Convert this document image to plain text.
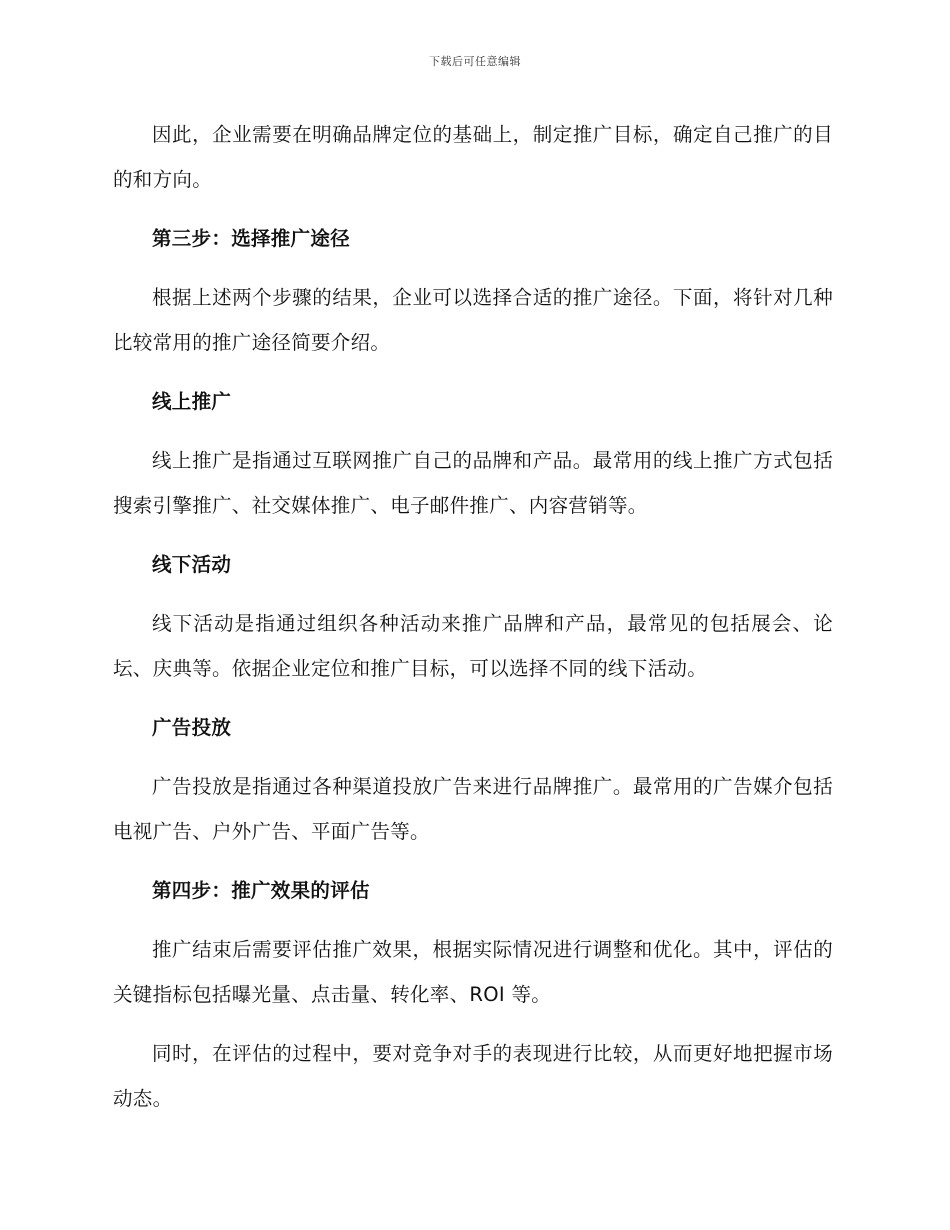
下载后可任意编辑

因此，企业需要在明确品牌定位的基础上，制定推广目标，确定自己推广的目的和方向。

第三步：选择推广途径

根据上述两个步骤的结果，企业可以选择合适的推广途径。下面，将针对几种比较常用的推广途径简要介绍。

线上推广

线上推广是指通过互联网推广自己的品牌和产品。最常用的线上推广方式包括搜索引擎推广、社交媒体推广、电子邮件推广、内容营销等。

线下活动

线下活动是指通过组织各种活动来推广品牌和产品，最常见的包括展会、论坛、庆典等。依据企业定位和推广目标，可以选择不同的线下活动。

广告投放

广告投放是指通过各种渠道投放广告来进行品牌推广。最常用的广告媒介包括电视广告、户外广告、平面广告等。

第四步：推广效果的评估

推广结束后需要评估推广效果，根据实际情况进行调整和优化。其中，评估的关键指标包括曝光量、点击量、转化率、ROI 等。

同时，在评估的过程中，要对竞争对手的表现进行比较，从而更好地把握市场动态。
